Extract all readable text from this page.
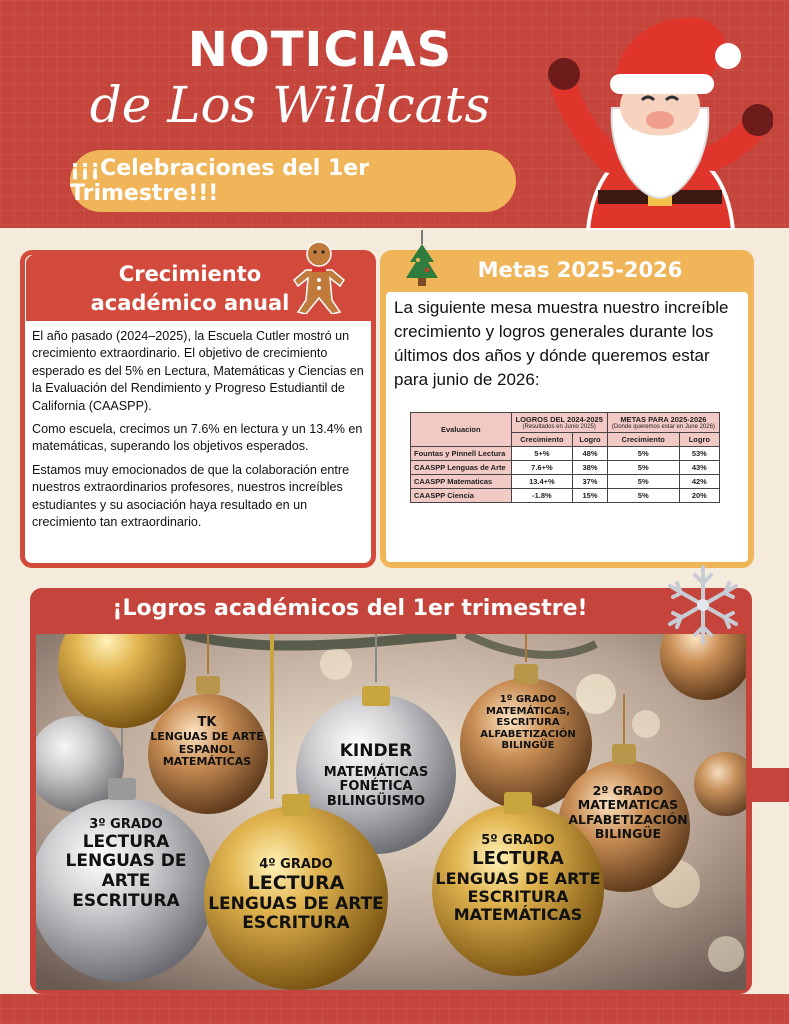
NOTICIAS
de Los Wildcats
¡¡¡Celebraciones del 1er Trimestre!!!
Crecimiento
académico anual

El año pasado (2024–2025), la Escuela Cutler mostró un crecimiento extraordinario. El objetivo de crecimiento esperado es del 5% en Lectura, Matemáticas y Ciencias en la Evaluación del Rendimiento y Progreso Estudiantil de California (CAASPP).

Como escuela, crecimos un 7.6% en lectura y un 13.4% en matemáticas, superando los objetivos esperados.

Estamos muy emocionados de que la colaboración entre nuestros extraordinarios profesores, nuestros increíbles estudiantes y su asociación haya resultado en un crecimiento tan extraordinario.

Metas 2025-2026
La siguiente mesa muestra nuestro increíble crecimiento y logros generales durante los últimos dos años y dónde queremos estar para junio de 2026:
Evaluacion	LOGROS DEL 2024-2025
(Resultados en Junio 2025)		METAS PARA 2025-2026
(Donde queremos estar en June 2026)	

	Crecimiento	Logro	Crecimiento	Logro
Fountas y Pinnell Lectura	5+%	48%	5%	53%
CAASPP Lenguas de Arte	7.6+%	38%	5%	43%
CAASPP Matematicas	13.4+%	37%	5%	42%
CAASPP Ciencia	-1.8%	15%	5%	20%
¡Logros académicos del 1er trimestre!
TK
LENGUAS DE ARTE
ESPANOL
MATEMÁTICAS
KINDER
MATEMÁTICAS
FONÉTICA
BILINGÜISMO
1º GRADO
MATEMÁTICAS,
ESCRITURA
ALFABETIZACIÓN
BILINGÜE
2º GRADO
MATEMATICAS
ALFABETIZACIÓN
BILINGÜE
3º GRADO
LECTURA
LENGUAS DE
ARTE
ESCRITURA
4º GRADO
LECTURA
LENGUAS DE ARTE
ESCRITURA
5º GRADO
LECTURA
LENGUAS DE ARTE
ESCRITURA
MATEMÁTICAS
